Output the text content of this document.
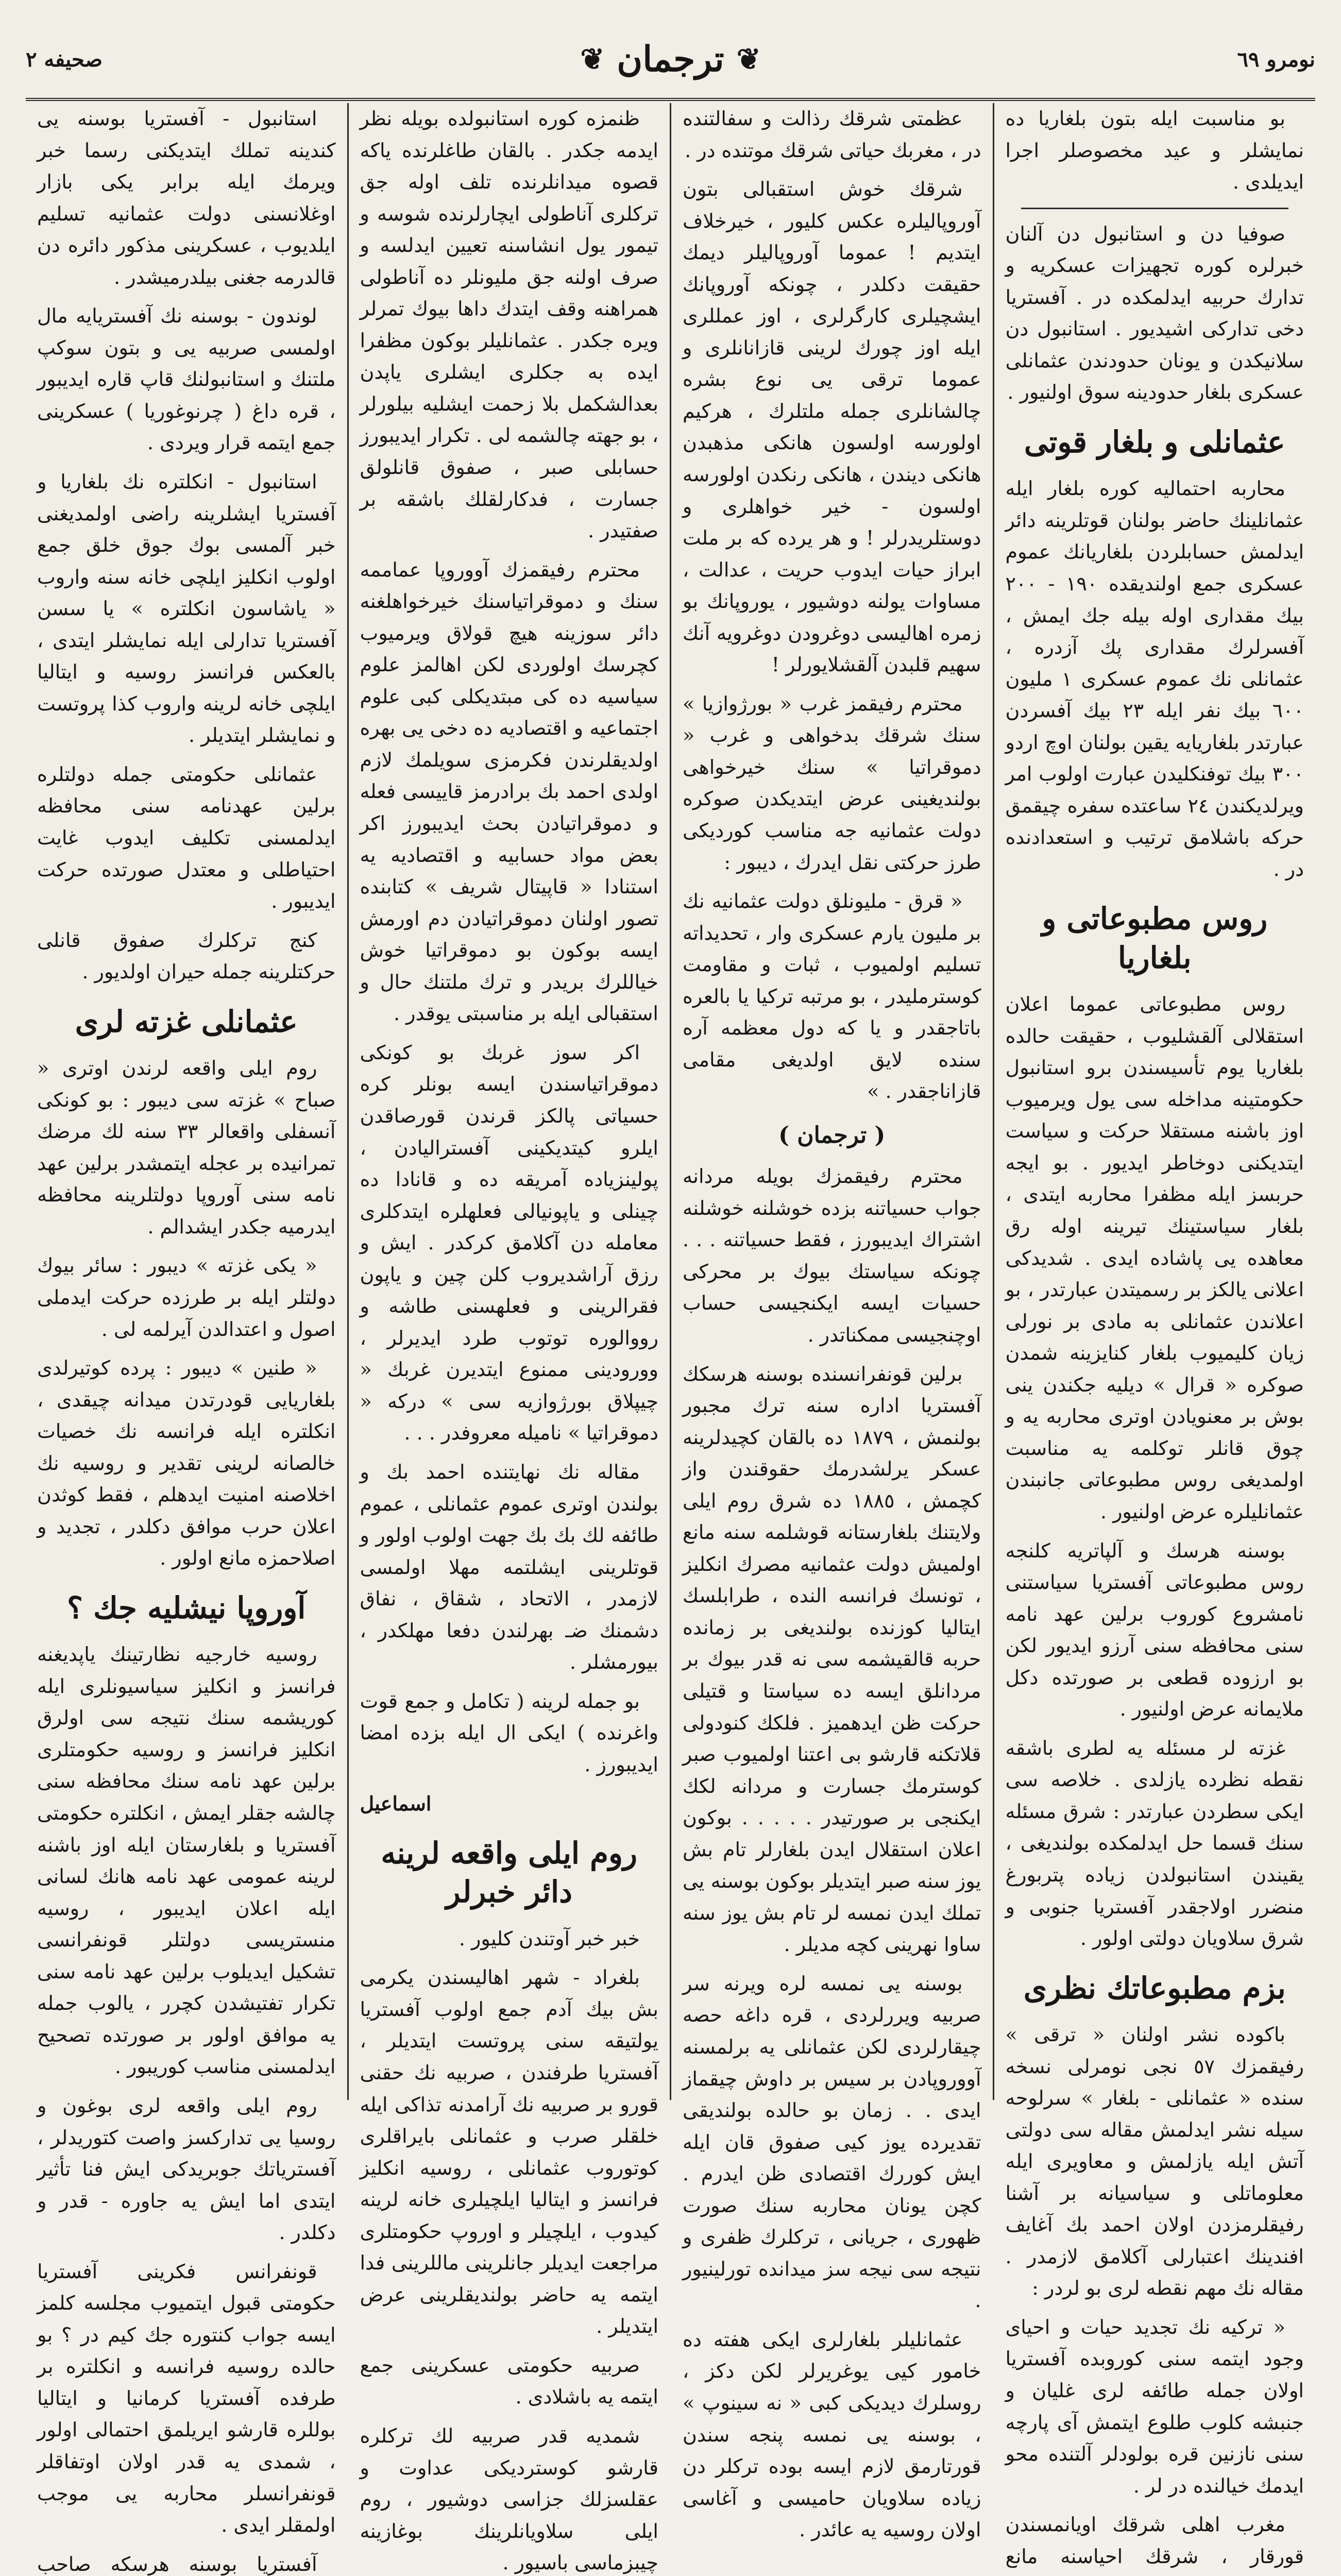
صحيفه ٢	❦
ترجمان
❦	نومرو ٦٩

بو مناسبت ايله بتون بلغاريا ده نمايشلر و عيد مخصوصلر اجرا ايديلدى .

صوفيا دن و استانبول دن آلنان خبرلره كوره تجهيزات عسكريه و تدارك حربيه ايدلمكده در . آفستريا دخى تداركى اشيديور . استانبول دن سلانيكدن و يونان حدودندن عثمانلى عسكرى بلغار حدودينه سوق اولنيور .

عثمانلى و بلغار قوتى

محاربه احتماليه كوره بلغار ايله عثمانلينك حاضر بولنان قوتلرينه دائر ايدلمش حسابلردن بلغاريانك عموم عسكرى جمع اولنديقده ١٩٠ - ٢٠٠ بيك مقدارى اوله بيله جك ايمش ، آفسرلرك مقدارى پك آزدره ، عثمانلى نك عموم عسكرى ١ مليون ٦٠٠ بيك نفر ايله ٢٣ بيك آفسردن عبارتدر بلغاريايه يقين بولنان اوچ اردو ٣٠٠ بيك توفنكليدن عبارت اولوب امر ويرلديكندن ٢٤ ساعتده سفره چيقمق حركه باشلامق ترتيب و استعدادنده در .

روس مطبوعاتى و بلغاريا

روس مطبوعاتى عموما اعلان استقلالى آلقشليوب ، حقيقت حالده بلغاريا يوم تأسيسندن برو استانبول حكومتينه مداخله سى يول ويرميوب اوز باشنه مستقلا حركت و سياست ايتديكنى دوخاطر ايديور . بو ايجه حربسز ايله مظفرا محاربه ايتدى ، بلغار سياستينك تيرينه اوله رق معاهده يى پاشاده ايدى . شديدكى اعلانى يالكز بر رسميتدن عبارتدر ، بو اعلاندن عثمانلى به مادى بر نورلى زيان كليميوب بلغار كنايزينه شمدن صوكره « قرال » ديليه جكندن ينى بوش بر معنويادن اوترى محاربه يه و چوق قانلر توكلمه يه مناسبت اولمديغى روس مطبوعاتى جانبندن عثمانليلره عرض اولنيور .

بوسنه هرسك و آلپاتريه كلنجه روس مطبوعاتى آفستريا سياستنى نامشروع كوروب برلين عهد نامه سنى محافظه سنى آرزو ايديور لكن بو ارزوده قطعى بر صورتده دكل ملايمانه عرض اولنيور .

غزته لر مسئله يه لطرى باشقه نقطه نظرده يازلدى . خلاصه سى ايكى سطردن عبارتدر : شرق مسئله سنك قسما حل ايدلمكده بولنديغى ، يقيندن استانبولدن زياده پتربورغ منضرر اولاجقدر آفستريا جنوبى و شرق سلاويان دولتى اولور .

بزم مطبوعاتك نظرى

باكوده نشر اولنان « ترقى » رفيقمزك ٥٧ نجى نومرلى نسخه سنده « عثمانلى - بلغار » سرلوحه سيله نشر ايدلمش مقاله سى دولتى آتش ايله يازلمش و معاويرى ايله معلوماتلى و سياسيانه بر آشنا رفيقلرمزدن اولان احمد بك آغايف افندينك اعتبارلى آكلامق لازمدر . مقاله نك مهم نقطه لرى بو لردر :

« تركيه نك تجديد حيات و احياى وجود ايتمه سنى كوروبده آفستريا اولان جمله طائفه لرى غليان و جنبشه كلوب طلوع ايتمش آى پارچه سنى نازنين قره بولودلر آلتنده محو ايدمك خيالنده در لر .

مغرب اهلى شرقك اويانمسندن قورقار ، شرقك احياسنه مانع

عظمتى شرقك رذالت و سفالتنده در ، مغربك حياتى شرقك موتنده در .

شرقك خوش استقبالى بتون آوروپاليلره عكس كليور ، خيرخلاف ايتديم ! عموما آوروپاليلر ديمك حقيقت دكلدر ، چونكه آوروپانك ايشچيلرى كارگرلرى ، اوز عمللرى ايله اوز چورك لرينى قازانانلرى و عموما ترقى يى نوع بشره چالشانلرى جمله ملتلرك ، هركيم اولورسه اولسون هانكى مذهبدن هانكى ديندن ، هانكى رنكدن اولورسه اولسون - خير خواهلرى و دوستلريدرلر ! و هر يرده كه بر ملت ابراز حيات ايدوب حريت ، عدالت ، مساوات يولنه دوشيور ، يوروپانك بو زمره اهاليسى دوغرودن دوغرويه آنك سهيم قلبدن آلقشلايورلر !

محترم رفيقمز غرب « بورژوازيا » سنك شرقك بدخواهى و غرب « دموقراتيا » سنك خيرخواهى بولنديغينى عرض ايتديكدن صوكره دولت عثمانيه جه مناسب كورديكى طرز حركتى نقل ايدرك ، ديبور :

« قرق - مليونلق دولت عثمانيه نك بر مليون يارم عسكرى وار ، تحديداته تسليم اولميوب ، ثبات و مقاومت كوسترمليدر ، بو مرتبه تركيا يا بالعره باتاجقدر و يا كه دول معظمه آره سنده لايق اولديغى مقامى قازاناجقدر . »

( ترجمان )

محترم رفيقمزك بويله مردانه جواب حسياتنه بزده خوشلنه خوشلنه اشتراك ايديبورز ، فقط حسياتنه . . . چونكه سياستك بيوك بر محركى حسيات ايسه ايكنجيسى حساب اوچنجيسى ممكناتدر .

برلين قونفرانسنده بوسنه هرسكك آفستريا اداره سنه ترك مجبور بولنمش ، ١٨٧٩ ده بالقان كچيدلرينه عسكر يرلشدرمك حقوقندن واز كچمش ، ١٨٨٥ ده شرق روم ايلى ولايتنك بلغارستانه قوشلمه سنه مانع اولميش دولت عثمانيه مصرك انكليز ، تونسك فرانسه النده ، طرابلسك ايتاليا كوزنده بولنديغى بر زمانده حربه قالقيشمه سى نه قدر بيوك بر مردانلق ايسه ده سياستا و قتيلى حركت ظن ايدهميز . فلكك كنودولى قلاتكنه قارشو بى اعتنا اولميوب صبر كوسترمك جسارت و مردانه لكك ايكنجى بر صورتيدر . . . . . بوكون اعلان استقلال ايدن بلغارلر تام بش يوز سنه صبر ايتديلر بوكون بوسنه يى تملك ايدن نمسه لر تام بش يوز سنه ساوا نهرينى كچه مديلر .

بوسنه يى نمسه لره ويرنه سر صربيه ويررلردى ، قره داغه حصه چيقارلردى لكن عثمانلى يه برلمسنه آووروپادن بر سيس بر داوش چيقماز ايدى . . زمان بو حالده بولنديقى تقديرده يوز كيى صفوق قان ايله ايش كوررك اقتصادى ظن ايدرم . كچن يونان محاربه سنك صورت ظهورى ، جريانى ، تركلرك ظفرى و نتيجه سى نيجه سز ميدانده تورلينيور .

عثمانليلر بلغارلرى ايكى هفته ده خامور كيى يوغريرلر لكن دكز ، روسلرك ديديكى كبى « نه سينوپ » ، بوسنه يى نمسه پنجه سندن قورتارمق لازم ايسه بوده تركلر دن زياده سلاويان حاميسى و آغاسى اولان روسيه يه عائدر .

ظنمزه كوره استانبولده بويله نظر ايدمه جكدر . بالقان طاغلرنده ياكه قصوه ميدانلرنده تلف اوله جق تركلرى آناطولى ايچارلرنده شوسه و تيمور يول انشاسنه تعيين ايدلسه و صرف اولنه جق مليونلر ده آناطولى همراهنه وقف ايتدك داها بيوك تمرلر ويره جكدر . عثمانليلر بوكون مظفرا ايده به جكلرى ايشلرى ياپدن بعدالشكمل بلا زحمت ايشليه بيلورلر ، بو جهته چالشمه لى . تكرار ايديبورز حسابلى صبر ، صفوق قانلولق جسارت ، فدكارلقلك باشقه بر صفتيدر .

محترم رفيقمزك آووروپا عماممه سنك و دموقراتياسنك خيرخواهلغنه دائر سوزينه هيچ قولاق ويرميوب كچرسك اولوردى لكن اهالمز علوم سياسيه ده كى مبتديكلى كبى علوم اجتماعيه و اقتصاديه ده دخى يى بهره اولديقلرندن فكرمزى سويلمك لازم اولدى احمد بك برادرمز قاييسى فعله و دموقراتيادن بحث ايديبورز اكر بعض مواد حسابيه و اقتصاديه يه استنادا « قاپيتال شريف » كتابنده تصور اولنان دموقراتيادن دم اورمش ايسه بوكون بو دموقراتيا خوش خياللرك بريدر و ترك ملتنك حال و استقبالى ايله بر مناسبتى يوقدر .

اكر سوز غربك بو كونكى دموقراتياسندن ايسه بونلر كره حسياتى پالكز قرندن قورصاقدن ايلرو كيتديكينى آفستراليادن ، پولينزياده آمريقه ده و قانادا ده چينلى و ياپونيالى فعلهلره ايتدكلرى معامله دن آكلامق كركدر . ايش و رزق آراشديروب كلن چين و ياپون فقرالرينى و فعلهسنى طاشه و رووالوره توتوب طرد ايديرلر ، وورودينى ممنوع ايتديرن غربك « چيپلاق بورژوازيه سى » دركه « دموقراتيا » ناميله معروفدر . . .

مقاله نك نهايتنده احمد بك و بولندن اوترى عموم عثمانلى ، عموم طائفه لك بك بك جهت اولوب اولور و قوتلرينى ايشلتمه مهلا اولمسى لازمدر ، الاتحاد ، شقاق ، نفاق دشمنك ضـ بهرلندن دفعا مهلكدر ، بيورمشلر .

بو جمله لرينه ( تكامل و جمع قوت واغرنده ) ايكى ال ايله بزده امضا ايديبورز .

اسماعيل
روم ايلى واقعه لرينه دائر خبرلر

خبر خبر آوتندن كليور .

بلغراد - شهر اهاليسندن يكرمى بش بيك آدم جمع اولوب آفستريا يولتيقه سنى پروتست ايتديلر ، آفستريا طرفندن ، صربيه نك حقنى قورو بر صربيه نك آرامدنه تذاكى ايله خلقلر صرب و عثمانلى بايراقلرى كوتوروب عثمانلى ، روسيه انكليز فرانسز و ايتاليا ايلچيلرى خانه لرينه كيدوب ، ايلچيلر و اوروپ حكومتلرى مراجعت ايديلر جانلرينى ماللرينى فدا ايتمه يه حاضر بولنديقلرينى عرض ايتديلر .

صربيه حكومتى عسكرينى جمع ايتمه يه باشلادى .

شمديه قدر صربيه لك تركلره قارشو كوسترديكى عداوت و عقلسزلك جزاسى دوشيور ، روم ايلى سلاويانلرينك بوغازينه چيبزماسى باسيور .

استانبول - آفستريا بوسنه يى كندينه تملك ايتديكنى رسما خبر ويرمك ايله برابر يكى بازار اوغلانسنى دولت عثمانيه تسليم ايلديوب ، عسكرينى مذكور دائره دن قالدرمه جغنى بيلدرميشدر .

لوندون - بوسنه نك آفستريايه مال اولمسى صربيه يى و بتون سوكپ ملتنك و استانبولنك قاپ قاره ايديبور ، قره داغ ( چرنوغوريا ) عسكرينى جمع ايتمه قرار ويردى .

استانبول - انكلتره نك بلغاريا و آفستريا ايشلرينه راضى اولمديغنى خبر آلمسى بوك جوق خلق جمع اولوب انكليز ايلچى خانه سنه واروب « ياشاسون انكلتره » يا سسن آفستريا تدارلى ايله نمايشلر ايتدى ، بالعكس فرانسز روسيه و ايتاليا ايلچى خانه لرينه واروب كذا پروتست و نمايشلر ايتديلر .

عثمانلى حكومتى جمله دولتلره برلين عهدنامه سنى محافظه ايدلمسنى تكليف ايدوب غايت احتياطلى و معتدل صورتده حركت ايديبور .

كنج تركلرك صفوق قانلى حركتلرينه جمله حيران اولديور .

عثمانلى غزته لرى

روم ايلى واقعه لرندن اوترى « صباح » غزته سى ديبور : بو كونكى آنسفلى واقعالر ٣٣ سنه لك مرضك تمرانيده بر عجله ايتمشدر برلين عهد نامه سنى آوروپا دولتلرينه محافظه ايدرميه جكدر ايشدالم .

« يكى غزته » ديبور : سائر بيوك دولتلر ايله بر طرزده حركت ايدملى اصول و اعتدالدن آيرلمه لى .

« طنين » ديبور : پرده كوتيرلدى بلغاريايى قودرتدن ميدانه چيقدى ، انكلتره ايله فرانسه نك خصيات خالصانه لرينى تقدير و روسيه نك اخلاصنه امنيت ايدهلم ، فقط كوثدن اعلان حرب موافق دكلدر ، تجديد و اصلاحمزه مانع اولور .

آوروپا نيشليه جك ؟

روسيه خارجيه نظارتينك ياپديغنه فرانسز و انكليز سياسيونلرى ايله كوريشمه سنك نتيجه سى اولرق انكليز فرانسز و روسيه حكومتلرى برلين عهد نامه سنك محافظه سنى چالشه جقلر ايمش ، انكلتره حكومتى آفستريا و بلغارستان ايله اوز باشنه لرينه عمومى عهد نامه هانك لسانى ايله اعلان ايديبور ، روسيه منستريسى دولتلر قونفرانسى تشكيل ايديلوب برلين عهد نامه سنى تكرار تفتيشدن كچرر ، يالوب جمله يه موافق اولور بر صورتده تصحيح ايدلمسنى مناسب كوريبور .

روم ايلى واقعه لرى بوغون و روسيا يى تداركسز واصت كتوريدلر ، آفسترياتك جوبريدكى ايش فنا تأثير ايتدى اما ايش يه جاوره - قدر و دكلدر .

قونفرانس فكرينى آفستريا حكومتى قبول ايتميوب مجلسه كلمز ايسه جواب كنتوره جك كيم در ؟ بو حالده روسيه فرانسه و انكلتره بر طرفده آفستريا كرمانيا و ايتاليا بوللره قارشو ايريلمق احتمالى اولور ، شمدى يه قدر اولان اوتفاقلر قونفرانسلر محاربه يى موجب اولمقلر ايدى .

آفستريا بوسنه هرسكه صاحب
